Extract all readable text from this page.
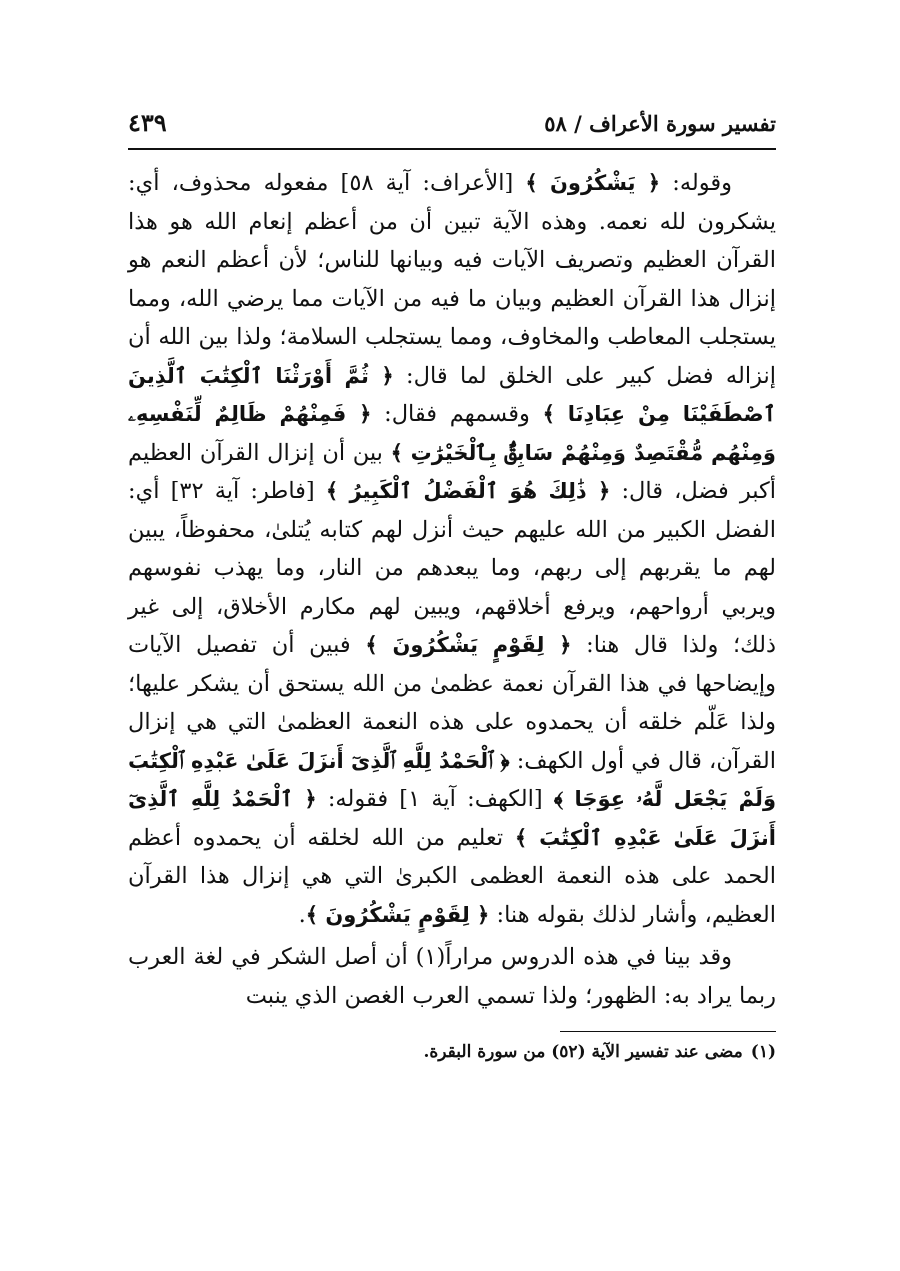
تفسير سورة الأعراف / ٥٨
٤٣٩

وقوله: ﴿ يَشْكُرُونَ ﴾ [الأعراف: آية ٥٨] مفعوله محذوف، أي: يشكرون لله نعمه. وهذه الآية تبين أن من أعظم إنعام الله هو هذا القرآن العظيم وتصريف الآيات فيه وبيانها للناس؛ لأن أعظم النعم هو إنزال هذا القرآن العظيم وبيان ما فيه من الآيات مما يرضي الله، ومما يستجلب المعاطب والمخاوف، ومما يستجلب السلامة؛ ولذا بين الله أن إنزاله فضل كبير على الخلق لما قال: ﴿ ثُمَّ أَوْرَثْنَا ٱلْكِتَٰبَ ٱلَّذِينَ ٱصْطَفَيْنَا مِنْ عِبَادِنَا ﴾ وقسمهم فقال: ﴿ فَمِنْهُمْ ظَالِمٌ لِّنَفْسِهِۦ وَمِنْهُم مُّقْتَصِدٌ وَمِنْهُمْ سَابِقٌۢ بِٱلْخَيْرَٰتِ ﴾ بين أن إنزال القرآن العظيم أكبر فضل، قال: ﴿ ذَٰلِكَ هُوَ ٱلْفَضْلُ ٱلْكَبِيرُ ﴾ [فاطر: آية ٣٢] أي: الفضل الكبير من الله عليهم حيث أنزل لهم كتابه يُتلىٰ، محفوظاً، يبين لهم ما يقربهم إلى ربهم، وما يبعدهم من النار، وما يهذب نفوسهم ويربي أرواحهم، ويرفع أخلاقهم، ويبين لهم مكارم الأخلاق، إلى غير ذلك؛ ولذا قال هنا: ﴿ لِقَوْمٍ يَشْكُرُونَ ﴾ فبين أن تفصيل الآيات وإيضاحها في هذا القرآن نعمة عظمىٰ من الله يستحق أن يشكر عليها؛ ولذا عَلّم خلقه أن يحمدوه على هذه النعمة العظمىٰ التي هي إنزال القرآن، قال في أول الكهف: ﴿ ٱلْحَمْدُ لِلَّهِ ٱلَّذِىٓ أَنزَلَ عَلَىٰ عَبْدِهِ ٱلْكِتَٰبَ وَلَمْ يَجْعَل لَّهُۥ عِوَجَا ﴾ [الكهف: آية ١] فقوله: ﴿ ٱلْحَمْدُ لِلَّهِ ٱلَّذِىٓ أَنزَلَ عَلَىٰ عَبْدِهِ ٱلْكِتَٰبَ ﴾ تعليم من الله لخلقه أن يحمدوه أعظم الحمد على هذه النعمة العظمى الكبرىٰ التي هي إنزال هذا القرآن العظيم، وأشار لذلك بقوله هنا: ﴿ لِقَوْمٍ يَشْكُرُونَ ﴾.

وقد بينا في هذه الدروس مراراً(١) أن أصل الشكر في لغة العرب ربما يراد به: الظهور؛ ولذا تسمي العرب الغصن الذي ينبت

(١)مضى عند تفسير الآية (٥٢) من سورة البقرة.
